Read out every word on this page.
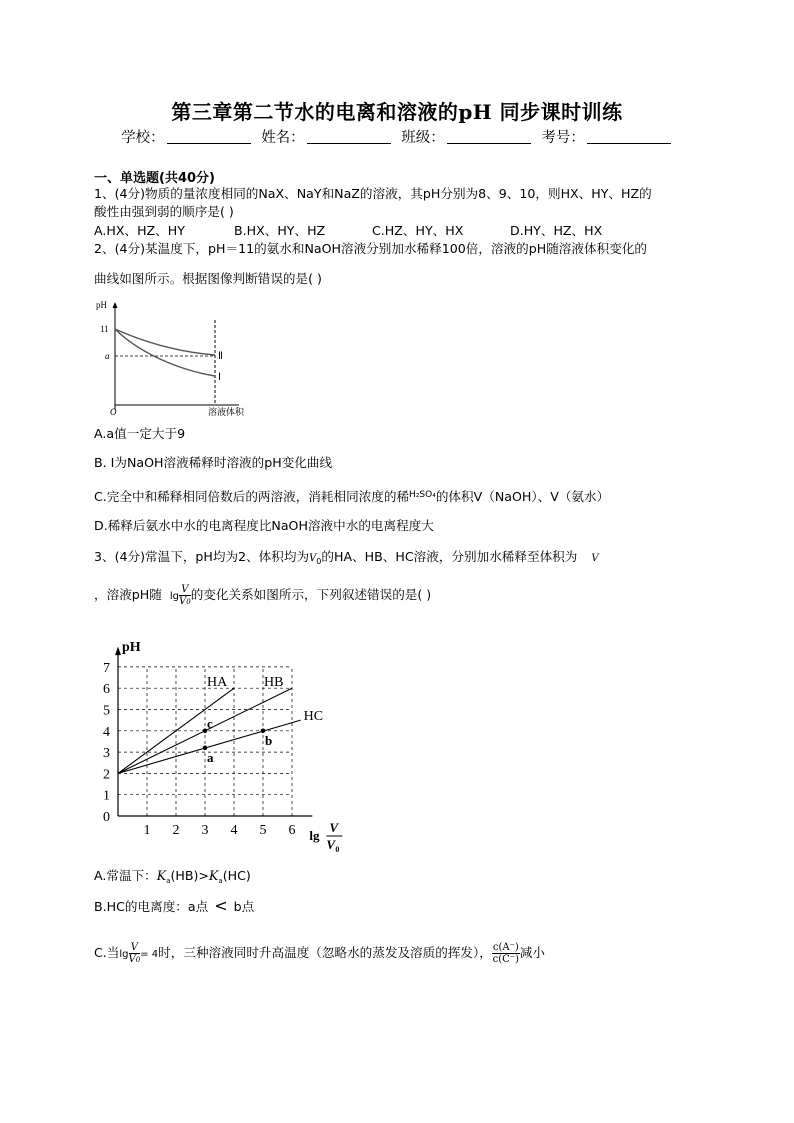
第三章第二节水的电离和溶液的pH 同步课时训练
学校：	姓名：	班级：	考号：
一、单选题(共40分)
1、(4分)物质的量浓度相同的NaX、NaY和NaZ的溶液，其pH分别为8、9、10，则HX、HY、HZ的
酸性由强到弱的顺序是( )
A.HX、HZ、HY	B.HX、HY、HZ	C.HZ、HY、HX	D.HY、HZ、HX
2、(4分)某温度下，pH＝11的氨水和NaOH溶液分别加水稀释100倍，溶液的pH随溶液体积变化的
曲线如图所示。根据图像判断错误的是( )
pH
11
a
O	溶液体积
Ⅱ
Ⅰ
A.a值一定大于9
B. Ⅰ为NaOH溶液稀释时溶液的pH变化曲线
C.完全中和稀释相同倍数后的两溶液，消耗相同浓度的稀$^{H_2SO_4}$的体积V（NaOH）、V（氨水）
D.稀释后氨水中水的电离程度比NaOH溶液中水的电离程度大
3、(4分)常温下，pH均为2、体积均为$V_0$的HA、HB、HC溶液，分别加水稀释至体积为 V
，溶液pH随 $\lg \frac{V}{V0}$ 的变化关系如图所示，下列叙述错误的是( )
1 2 3 4 5 6
0
1
2
3
4
5
6
7
a
c
b
pH
HA	HB
HC
lg
V
V 0
A.常温下：$K_a(HB)>K_a(HC)$
B.HC的电离度：a点 < b点
C.当$\lg \frac{V}{V0} = 4$时，三种溶液同时升高温度（忽略水的蒸发及溶质的挥发）， $\frac{c(A^-)}{c(C^-)}$ 减小
